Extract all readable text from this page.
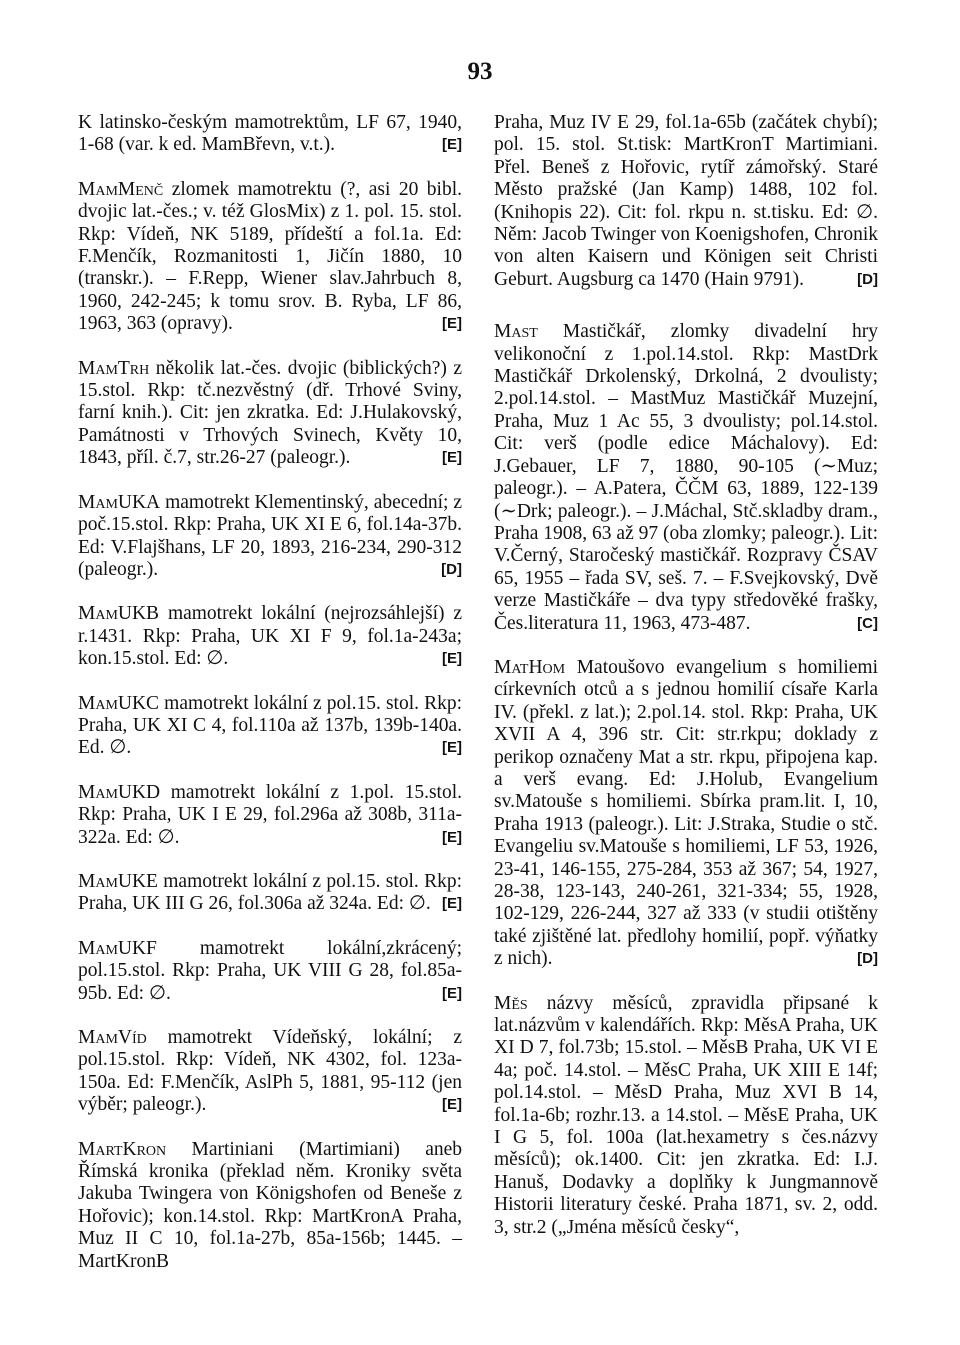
93

K latinsko-českým mamotrektům, LF 67, 1940, 1-68 (var. k ed. MamBřevn, v.t.).	[E]

MamMenč zlomek mamotrektu (?, asi 20 bibl. dvojic lat.-čes.; v. též GlosMix) z 1. pol. 15. stol. Rkp: Vídeň, NK 5189, přídeští a fol.1a. Ed: F.Menčík, Rozmanitosti 1, Jičín 1880, 10 (transkr.). – F.Repp, Wiener slav.Jahrbuch 8, 1960, 242-245; k tomu srov. B. Ryba, LF 86, 1963, 363 (opravy).	[E]

MamTrh několik lat.-čes. dvojic (biblických?) z 15.stol. Rkp: tč.nezvěstný (dř. Trhové Sviny, farní knih.). Cit: jen zkratka. Ed: J.Hulakovský, Památnosti v Trhových Svinech, Květy 10, 1843, příl. č.7, str.26-27 (paleogr.).	[E]

MamUKA mamotrekt Klementinský, abecední; z poč.15.stol. Rkp: Praha, UK XI E 6, fol.14a-37b. Ed: V.Flajšhans, LF 20, 1893, 216-234, 290-312 (paleogr.).	[D]

MamUKB mamotrekt lokální (nejrozsáhlejší) z r.1431. Rkp: Praha, UK XI F 9, fol.1a-243a; kon.15.stol. Ed: ∅.	[E]

MamUKC mamotrekt lokální z pol.15. stol. Rkp: Praha, UK XI C 4, fol.110a až 137b, 139b-140a. Ed. ∅.	[E]

MamUKD mamotrekt lokální z 1.pol. 15.stol. Rkp: Praha, UK I E 29, fol.296a až 308b, 311a-322a. Ed: ∅.	[E]

MamUKE mamotrekt lokální z pol.15. stol. Rkp: Praha, UK III G 26, fol.306a až 324a. Ed: ∅. [E]

MamUKF mamotrekt lokální,zkrácený; pol.15.stol. Rkp: Praha, UK VIII G 28, fol.85a-95b. Ed: ∅.	[E]

MamVíd mamotrekt Vídeňský, lokální; z pol.15.stol. Rkp: Vídeň, NK 4302, fol. 123a-150a. Ed: F.Menčík, AslPh 5, 1881, 95-112 (jen výběr; paleogr.).	[E]

MartKron Martiniani (Martimiani) aneb Římská kronika (překlad něm. Kroniky světa Jakuba Twingera von Königshofen od Beneše z Hořovic); kon.14.stol. Rkp: MartKronA Praha, Muz II C 10, fol.1a-27b, 85a-156b; 1445. – MartKronB

Praha, Muz IV E 29, fol.1a-65b (začátek chybí); pol. 15. stol. St.tisk: MartKronT Martimiani. Přel. Beneš z Hořovic, rytíř zámořský. Staré Město pražské (Jan Kamp) 1488, 102 fol. (Knihopis 22). Cit: fol. rkpu n. st.tisku. Ed: ∅. Něm: Jacob Twinger von Koenigshofen, Chronik von alten Kaisern und Königen seit Christi Geburt. Augsburg ca 1470 (Hain 9791).	[D]

Mast Mastičkář, zlomky divadelní hry velikonoční z 1.pol.14.stol. Rkp: MastDrk Mastičkář Drkolenský, Drkolná, 2 dvoulisty; 2.pol.14.stol. – MastMuz Mastičkář Muzejní, Praha, Muz 1 Ac 55, 3 dvoulisty; pol.14.stol. Cit: verš (podle edice Máchalovy). Ed: J.Gebauer, LF 7, 1880, 90-105 (∼Muz; paleogr.). – A.Patera, ČČM 63, 1889, 122-139 (∼Drk; paleogr.). – J.Máchal, Stč.skladby dram., Praha 1908, 63 až 97 (oba zlomky; paleogr.). Lit: V.Černý, Staročeský mastičkář. Rozpravy ČSAV 65, 1955 – řada SV, seš. 7. – F.Svejkovský, Dvě verze Mastičkáře – dva typy středověké frašky, Čes.literatura 11, 1963, 473-487.	[C]

MatHom Matoušovo evangelium s homiliemi církevních otců a s jednou homilií císaře Karla IV. (překl. z lat.); 2.pol.14. stol. Rkp: Praha, UK XVII A 4, 396 str. Cit: str.rkpu; doklady z perikop označeny Mat a str. rkpu, připojena kap. a verš evang. Ed: J.Holub, Evangelium sv.Matouše s homiliemi. Sbírka pram.lit. I, 10, Praha 1913 (paleogr.). Lit: J.Straka, Studie o stč. Evangeliu sv.Matouše s homiliemi, LF 53, 1926, 23-41, 146-155, 275-284, 353 až 367; 54, 1927, 28-38, 123-143, 240-261, 321-334; 55, 1928, 102-129, 226-244, 327 až 333 (v studii otištěny také zjištěné lat. předlohy homilií, popř. výňatky z nich).	[D]

Měs názvy měsíců, zpravidla připsané k lat.názvům v kalendářích. Rkp: MěsA Praha, UK XI D 7, fol.73b; 15.stol. – MěsB Praha, UK VI E 4a; poč. 14.stol. – MěsC Praha, UK XIII E 14f; pol.14.stol. – MěsD Praha, Muz XVI B 14, fol.1a-6b; rozhr.13. a 14.stol. – MěsE Praha, UK I G 5, fol. 100a (lat.hexametry s čes.názvy měsíců); ok.1400. Cit: jen zkratka. Ed: I.J. Hanuš, Dodavky a doplňky k Jungmannově Historii literatury české. Praha 1871, sv. 2, odd. 3, str.2 („Jména měsíců česky“,
